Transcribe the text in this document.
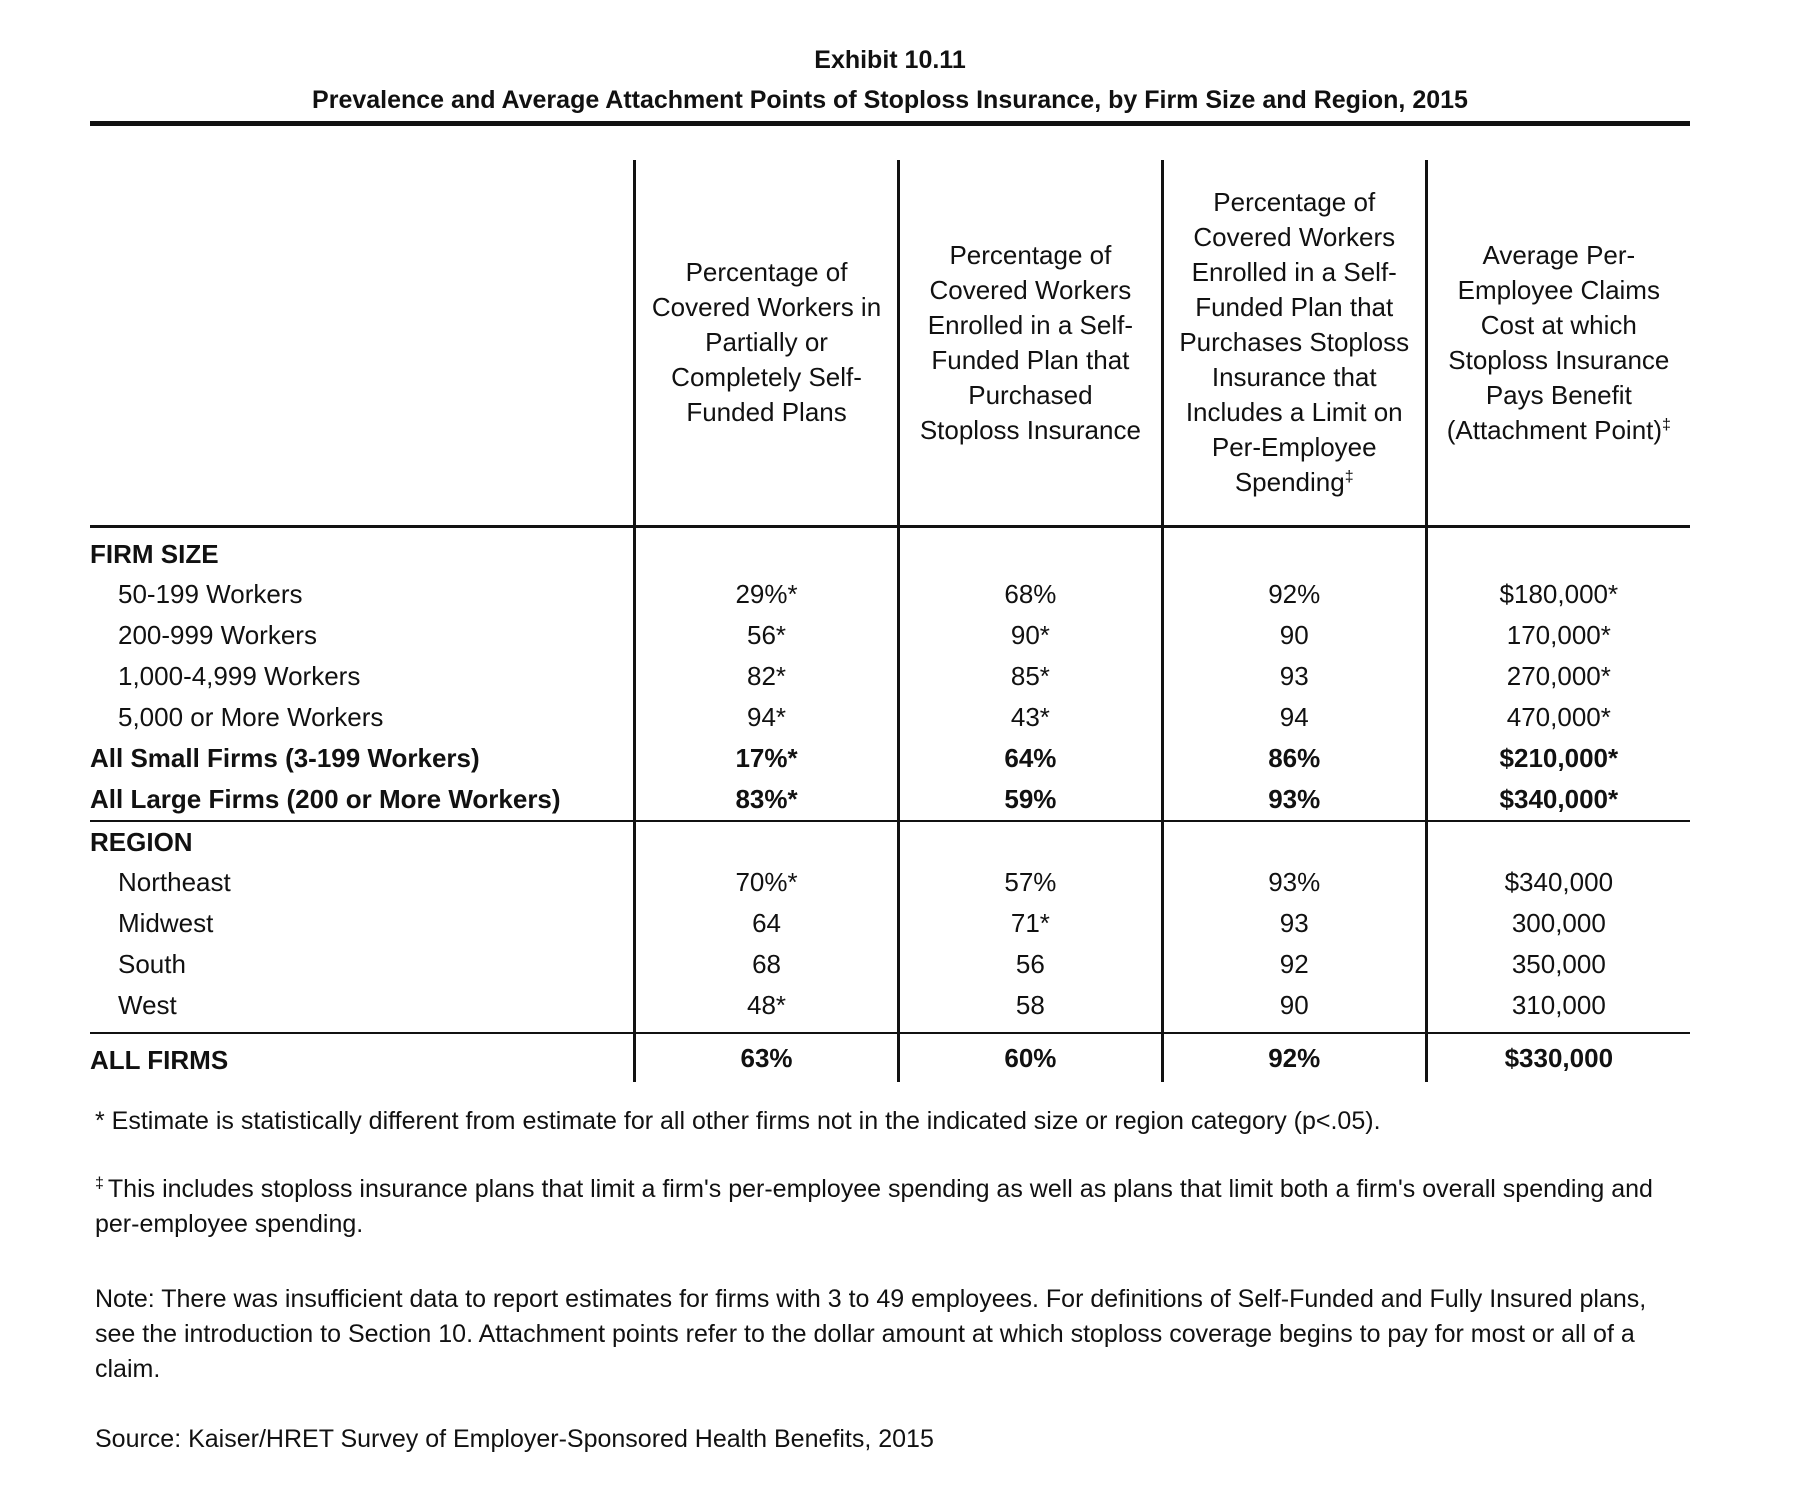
Exhibit 10.11
Prevalence and Average Attachment Points of Stoploss Insurance, by Firm Size and Region, 2015
	Percentage of Covered Workers in Partially or Completely Self-Funded Plans	Percentage of Covered Workers Enrolled in a Self-Funded Plan that Purchased Stoploss Insurance	Percentage of Covered Workers Enrolled in a Self-Funded Plan that Purchases Stoploss Insurance that Includes a Limit on Per-Employee Spending‡	Average Per-Employee Claims Cost at which Stoploss Insurance Pays Benefit (Attachment Point)‡
FIRM SIZE				
50-199 Workers	29%*	68%	92%	$180,000*
200-999 Workers	56*	90*	90	170,000*
1,000-4,999 Workers	82*	85*	93	270,000*
5,000 or More Workers	94*	43*	94	470,000*
All Small Firms (3-199 Workers)	17%*	64%	86%	$210,000*
All Large Firms (200 or More Workers)	83%*	59%	93%	$340,000*
REGION				
Northeast	70%*	57%	93%	$340,000
Midwest	64	71*	93	300,000
South	68	56	92	350,000
West	48*	58	90	310,000
ALL FIRMS	63%	60%	92%	$330,000
* Estimate is statistically different from estimate for all other firms not in the indicated size or region category (p<.05).
‡ This includes stoploss insurance plans that limit a firm's per-employee spending as well as plans that limit both a firm's overall spending and per-employee spending.
Note: There was insufficient data to report estimates for firms with 3 to 49 employees. For definitions of Self-Funded and Fully Insured plans, see the introduction to Section 10. Attachment points refer to the dollar amount at which stoploss coverage begins to pay for most or all of a claim.
Source: Kaiser/HRET Survey of Employer-Sponsored Health Benefits, 2015
